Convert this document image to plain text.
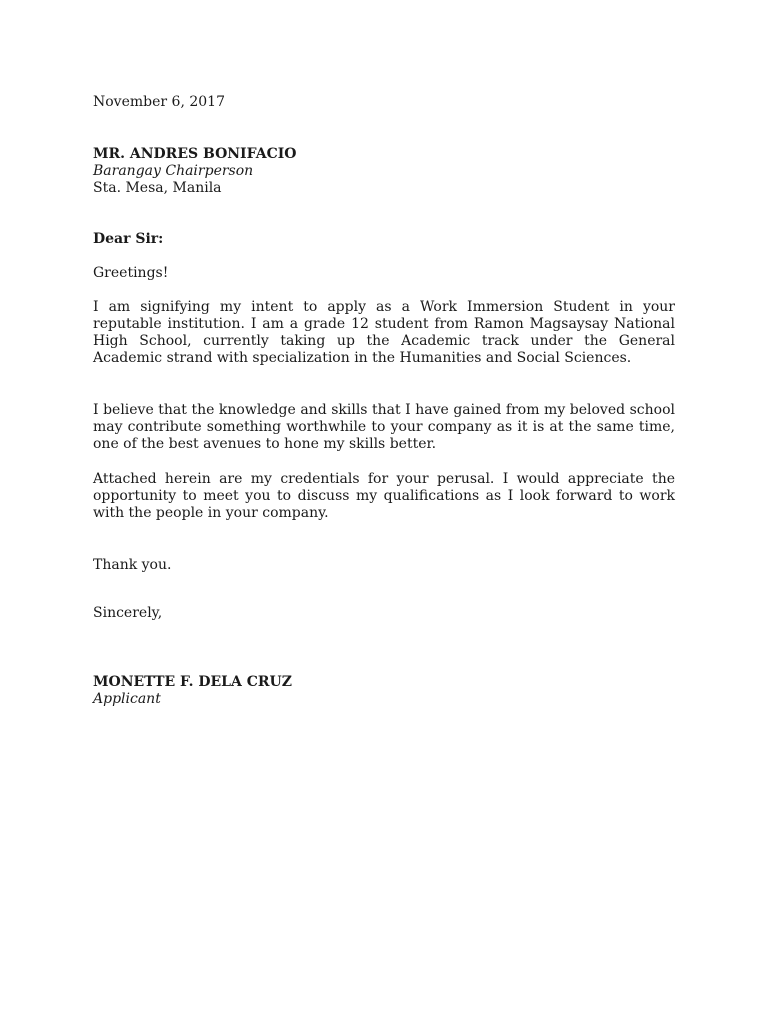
November 6, 2017
MR. ANDRES BONIFACIO
Barangay Chairperson
Sta. Mesa, Manila
Dear Sir:
Greetings!
I am signifying my intent to apply as a Work Immersion Student in your reputable institution. I am a grade 12 student from Ramon Magsaysay National High School, currently taking up the Academic track under the General Academic strand with specialization in the Humanities and Social Sciences.
I believe that the knowledge and skills that I have gained from my beloved school may contribute something worthwhile to your company as it is at the same time, one of the best avenues to hone my skills better.
Attached herein are my credentials for your perusal. I would appreciate the opportunity to meet you to discuss my qualifications as I look forward to work with the people in your company.
Thank you.
Sincerely,
MONETTE F. DELA CRUZ
Applicant
